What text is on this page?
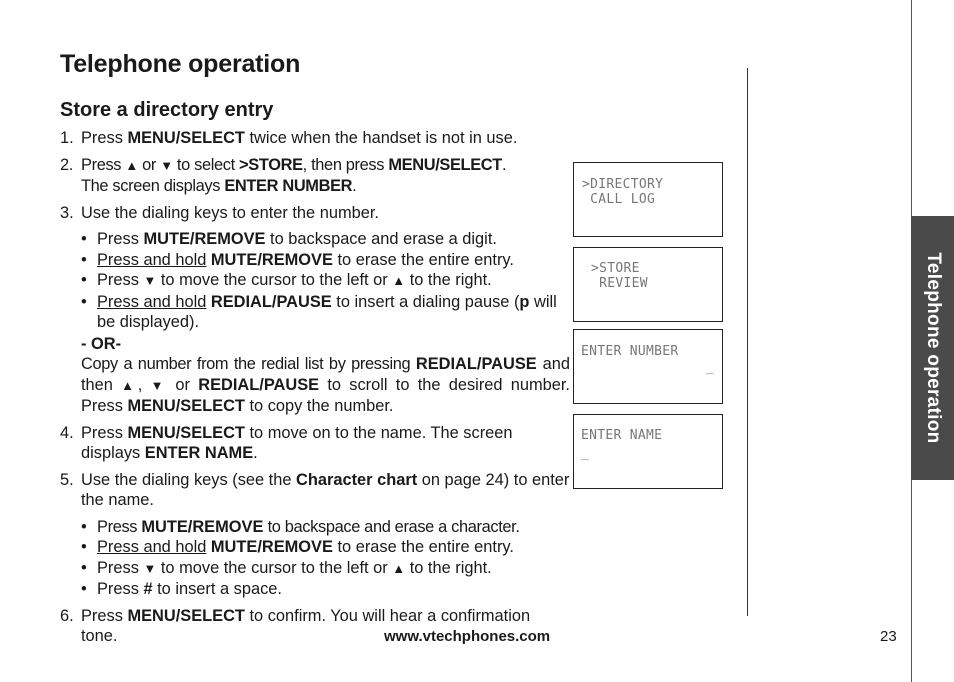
Telephone operation
Store a directory entry
1. Press MENU/SELECT twice when the handset is not in use.
2. Press ▲ or ▼ to select >STORE, then press MENU/SELECT.
The screen displays ENTER NUMBER.
3. Use the dialing keys to enter the number.
• Press MUTE/REMOVE to backspace and erase a digit.
• Press and hold MUTE/REMOVE to erase the entire entry.
• Press ▼ to move the cursor to the left or ▲ to the right.
• Press and hold REDIAL/PAUSE to insert a dialing pause (p will be displayed).
- OR-
Copy a number from the redial list by pressing REDIAL/PAUSE and then ▲, ▼ or REDIAL/PAUSE to scroll to the desired number. Press MENU/SELECT to copy the number.
4. Press MENU/SELECT to move on to the name. The screen displays ENTER NAME.
5. Use the dialing keys (see the Character chart on page 24) to enter the name.
• Press MUTE/REMOVE to backspace and erase a character.
• Press and hold MUTE/REMOVE to erase the entire entry.
• Press ▼ to move the cursor to the left or ▲ to the right.
• Press # to insert a space.
6. Press MENU/SELECT to confirm. You will hear a confirmation tone.
>DIRECTORY
CALL LOG
>STORE
REVIEW
ENTER NUMBER
_
ENTER NAME
_
Telephone operation
www.vtechphones.com	23
